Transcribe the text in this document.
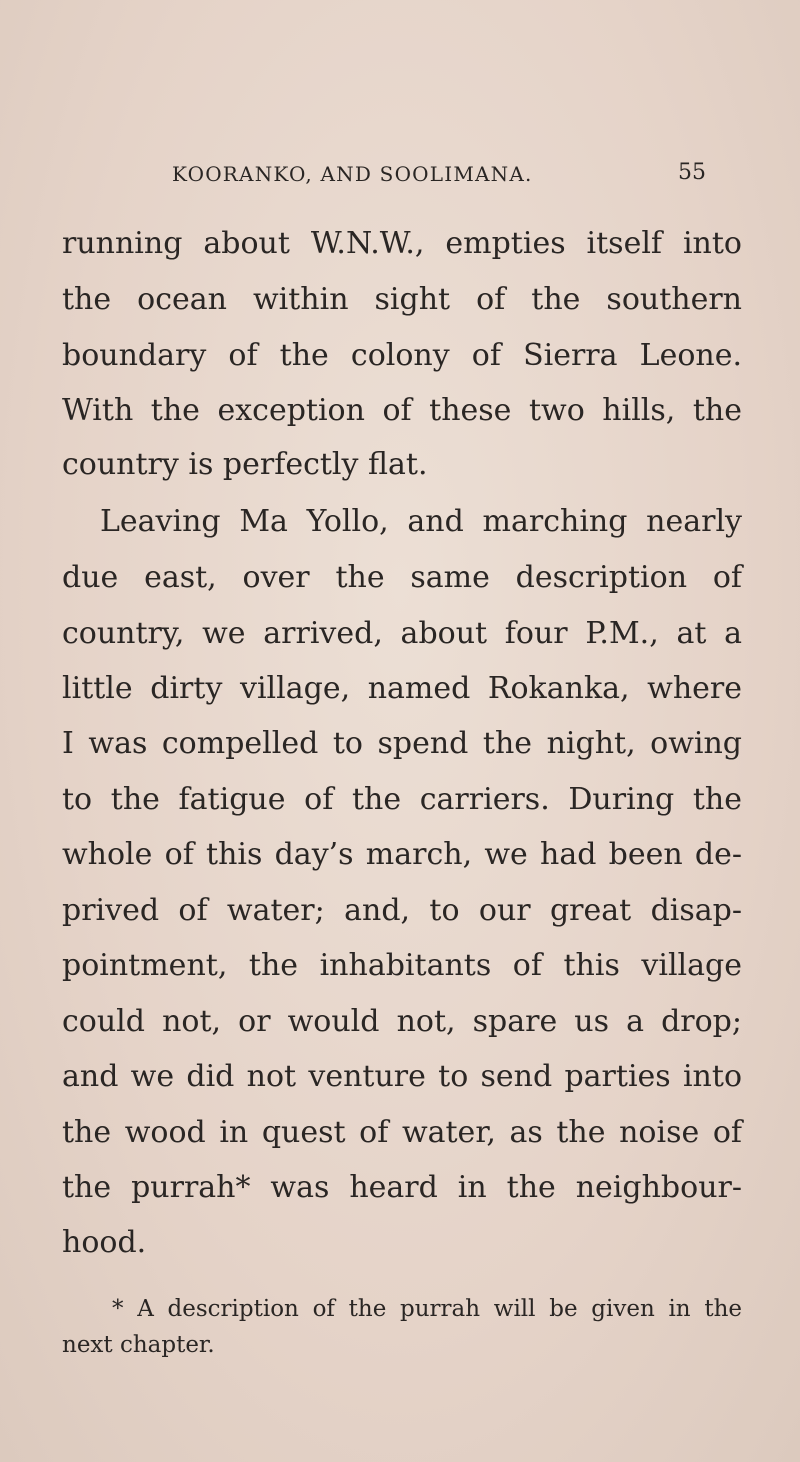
KOORANKO, AND SOOLIMANA.	55
running about W.N.W., empties itself into
the ocean within sight of the southern
boundary of the colony of Sierra Leone.
With the exception of these two hills, the
country is perfectly flat.
Leaving Ma Yollo, and marching nearly
due east, over the same description of
country, we arrived, about four P.M., at a
little dirty village, named Rokanka, where
I was compelled to spend the night, owing
to the fatigue of the carriers. During the
whole of this day’s march, we had been de-
prived of water; and, to our great disap-
pointment, the inhabitants of this village
could not, or would not, spare us a drop;
and we did not venture to send parties into
the wood in quest of water, as the noise of
the purrah* was heard in the neighbour-
hood.
* A description of the purrah will be given in the
next chapter.
